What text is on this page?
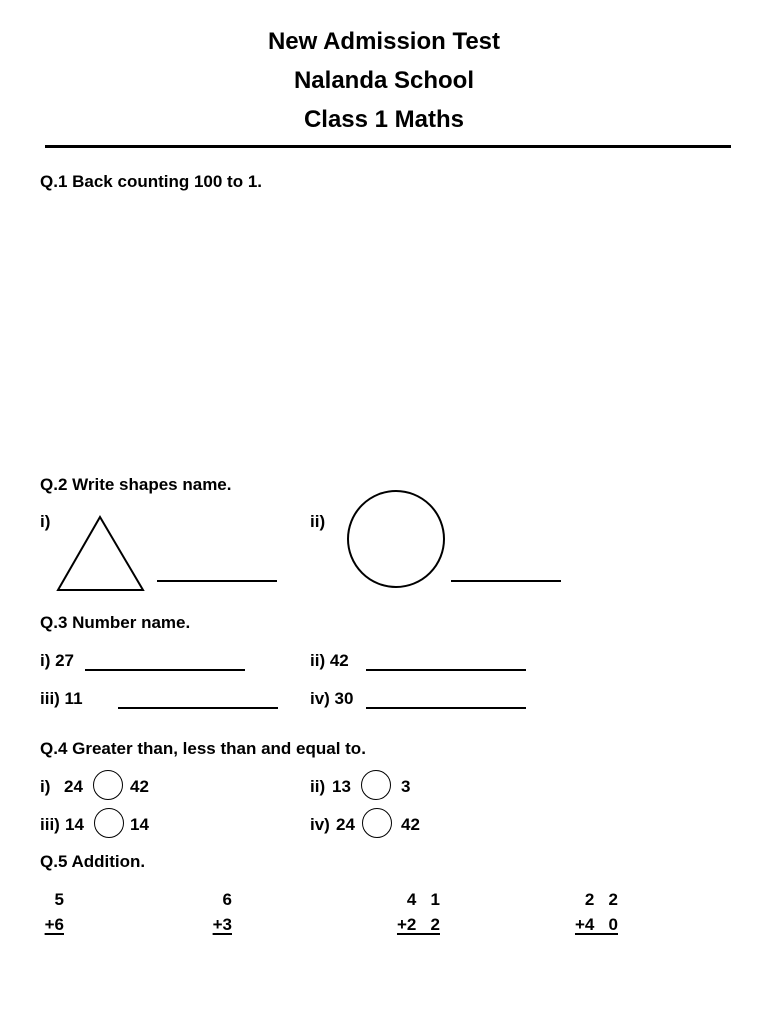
New Admission Test
Nalanda School
Class 1 Maths
Q.1 Back counting 100 to 1.
Q.2 Write shapes name.
i)	ii)
Q.3 Number name.
i) 27	ii) 42
iii) 11	iv) 30
Q.4 Greater than, less than and equal to.
i) 24	42	ii) 13	3
iii) 14	14	iv) 24	42
Q.5 Addition.
5
+6
6
+3
4   1
+2   2
2   2
+4   0
